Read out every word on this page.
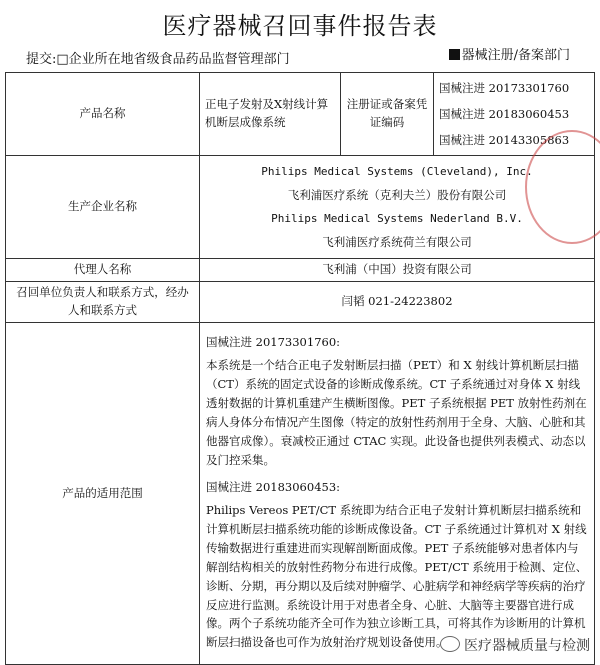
医疗器械召回事件报告表
提交:□企业所在地省级食品药品监督管理部门	器械注册/备案部门
产品名称	正电子发射及X射线计算机断层成像系统	注册证或备案凭证编码	国械注进 20173301760
国械注进 20183060453
国械注进 20143305863

生产企业名称	Philips Medical Systems (Cleveland), Inc.
飞利浦医疗系统（克利夫兰）股份有限公司
Philips Medical Systems Nederland B.V.
飞利浦医疗系统荷兰有限公司		

代理人名称	飞利浦（中国）投资有限公司		
召回单位负责人和联系方式，经办人和联系方式	闫韬 021-24223802		
产品的适用范围	国械注进 20173301760:

本系统是一个结合正电子发射断层扫描（PET）和 X 射线计算机断层扫描（CT）系统的固定式设备的诊断成像系统。CT 子系统通过对身体 X 射线透射数据的计算机重建产生横断图像。PET 子系统根据 PET 放射性药剂在病人身体分布情况产生图像（特定的放射性药剂用于全身、大脑、心脏和其他器官成像）。衰减校正通过 CTAC 实现。此设备也提供列表模式、动态以及门控采集。

国械注进 20183060453:

Philips Vereos PET/CT 系统即为结合正电子发射计算机断层扫描系统和计算机断层扫描系统功能的诊断成像设备。CT 子系统通过计算机对 X 射线传输数据进行重建进而实现解剖断面成像。PET 子系统能够对患者体内与解剖结构相关的放射性药物分布进行成像。PET/CT 系统用于检测、定位、诊断、分期，再分期以及后续对肿瘤学、心脏病学和神经病学等疾病的治疗反应进行监测。系统设计用于对患者全身、心脏、大脑等主要器官进行成像。两个子系统功能齐全可作为独立诊断工具，可将其作为诊断用的计算机断层扫描设备也可作为放射治疗规划设备使用。			医疗器械质量与检测
